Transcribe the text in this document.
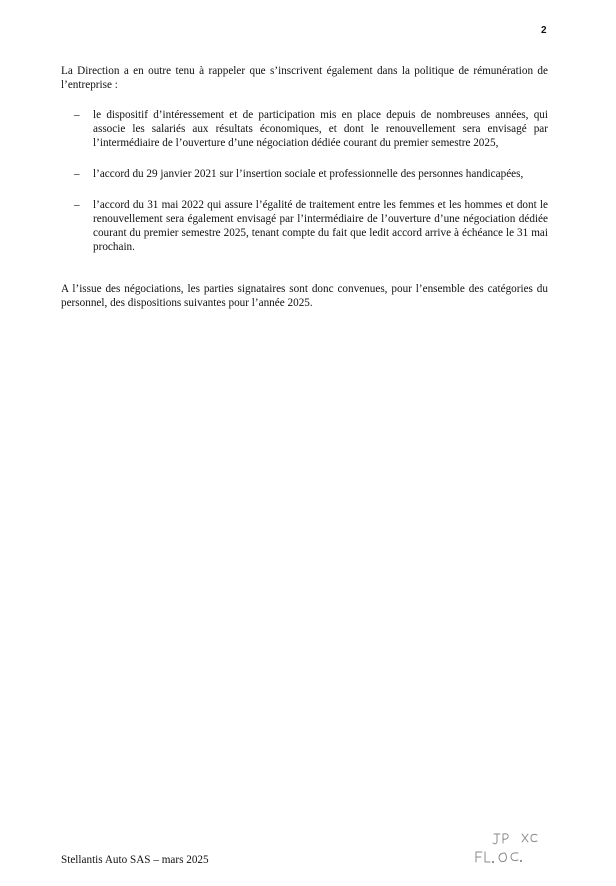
2

La Direction a en outre tenu à rappeler que s’inscrivent également dans la politique de rémunération de l’entreprise :

– le dispositif d’intéressement et de participation mis en place depuis de nombreuses années, qui associe les salariés aux résultats économiques, et dont le renouvellement sera envisagé par l’intermédiaire de l’ouverture d’une négociation dédiée courant du premier semestre 2025,
– l’accord du 29 janvier 2021 sur l’insertion sociale et professionnelle des personnes handicapées,
– l’accord du 31 mai 2022 qui assure l’égalité de traitement entre les femmes et les hommes et dont le renouvellement sera également envisagé par l’intermédiaire de l’ouverture d’une négociation dédiée courant du premier semestre 2025, tenant compte du fait que ledit accord arrive à échéance le 31 mai prochain.

A l’issue des négociations, les parties signataires sont donc convenues, pour l’ensemble des catégories du personnel, des dispositions suivantes pour l’année 2025.

Stellantis Auto SAS – mars 2025
